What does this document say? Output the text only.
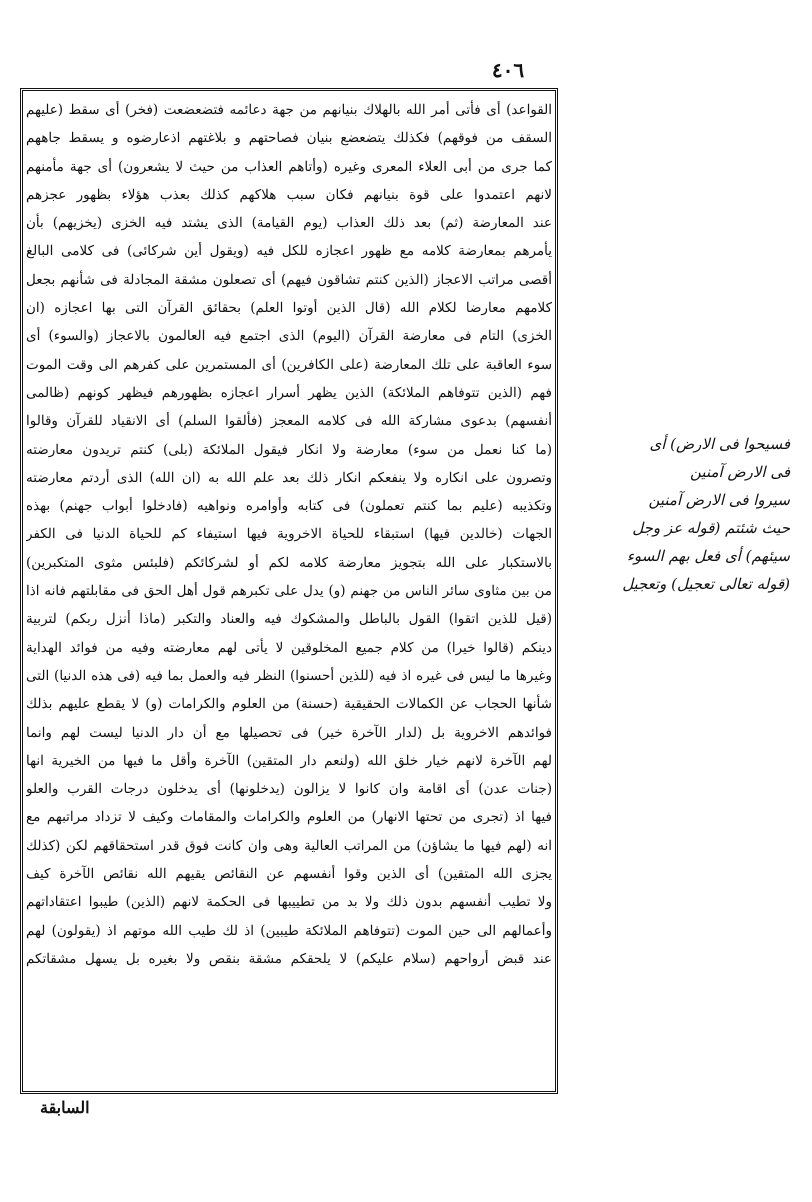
٤٠٦
القواعد) أى فأتى أمر الله بالهلاك بنيانهم من جهة دعائمه فتضعضعت (فخر) أى سقط (عليهم
السقف من فوقهم) فكذلك يتضعضع بنيان فصاحتهم و بلاغتهم اذعارضوه و يسقط جاههم
كما جرى من أبى العلاء المعرى وغيره (وأتاهم العذاب من حيث لا يشعرون) أى جهة مأمنهم
لانهم اعتمدوا على قوة بنيانهم فكان سبب هلاكهم كذلك بعذب هؤلاء بظهور عجزهم
عند المعارضة (ثم) بعد ذلك العذاب (يوم القيامة) الذى يشتد فيه الخزى (يخزيهم) بأن
يأمرهم بمعارضة كلامه مع ظهور اعجازه للكل فيه (ويقول أين شركائى) فى كلامى البالغ
أقصى مراتب الاعجاز (الذين كنتم تشاقون فيهم) أى تصعلون مشقة المجادلة فى شأنهم بجعل
كلامهم معارضا لكلام الله (قال الذين أوتوا العلم) بحقائق القرآن التى بها اعجازه (ان
الخزى) التام فى معارضة القرآن (اليوم) الذى اجتمع فيه العالمون بالاعجاز (والسوء) أى
سوء العاقبة على تلك المعارضة (على الكافرين) أى المستمرين على كفرهم الى وقت الموت
فهم (الذين تتوفاهم الملائكة) الذين يظهر أسرار اعجازه بظهورهم فيظهر كونهم (ظالمى
أنفسهم) بدعوى مشاركة الله فى كلامه المعجز (فألقوا السلم) أى الانقياد للقرآن وقالوا
(ما كنا نعمل من سوء) معارضة ولا انكار فيقول الملائكة (بلى) كنتم تريدون معارضته
وتصرون على انكاره ولا ينفعكم انكار ذلك بعد علم الله به (ان الله) الذى أردتم معارضته
وتكذيبه (عليم بما كنتم تعملون) فى كتابه وأوامره ونواهيه (فادخلوا أبواب جهنم) بهذه
الجهات (خالدين فيها) استبقاء للحياة الاخروية فيها استيفاء كم للحياة الدنيا فى الكفر
بالاستكبار على الله بتجويز معارضة كلامه لكم أو لشركائكم (فلبئس مثوى المتكبرين)
من بين مثاوى سائر الناس من جهنم (و) يدل على تكبرهم قول أهل الحق فى مقابلتهم فانه اذا
(قيل للذين اتقوا) القول بالباطل والمشكوك فيه والعناد والتكبر (ماذا أنزل ربكم) لتربية
دينكم (قالوا خيرا) من كلام جميع المخلوقين لا يأتى لهم معارضته وفيه من فوائد الهداية
وغيرها ما ليس فى غيره اذ فيه (للذين أحسنوا) النظر فيه والعمل بما فيه (فى هذه الدنيا) التى
شأنها الحجاب عن الكمالات الحقيقية (حسنة) من العلوم والكرامات (و) لا يقطع عليهم بذلك
فوائدهم الاخروية بل (لدار الآخرة خير) فى تحصيلها مع أن دار الدنيا ليست لهم وانما
لهم الآخرة لانهم خيار خلق الله (ولنعم دار المتقين) الآخرة وأقل ما فيها من الخيرية انها
(جنات عدن) أى اقامة وان كانوا لا يزالون (يدخلونها) أى يدخلون درجات القرب والعلو
فيها اذ (تجرى من تحتها الانهار) من العلوم والكرامات والمقامات وكيف لا تزداد مراتبهم مع
انه (لهم فيها ما يشاؤن) من المراتب العالية وهى وان كانت فوق قدر استحقاقهم لكن (كذلك
يجزى الله المتقين) أى الذين وقوا أنفسهم عن النقائص يقيهم الله نقائص الآخرة كيف
ولا تطيب أنفسهم بدون ذلك ولا بد من تطييبها فى الحكمة لانهم (الذين) طيبوا اعتقاداتهم
وأعمالهم الى حين الموت (تتوفاهم الملائكة طيبين) اذ لك طيب الله موتهم اذ (يقولون) لهم
عند قبض أرواحهم (سلام عليكم) لا يلحقكم مشقة بنقص ولا بغيره بل يسهل مشقاتكم
فسيحوا فى الارض) أى
فى الارض آمنين
سيروا فى الارض آمنين
حيث شئتم (قوله عز وجل
سيئهم) أى فعل بهم السوء
(قوله تعالى تعجيل) وتعجيل
السابقة
